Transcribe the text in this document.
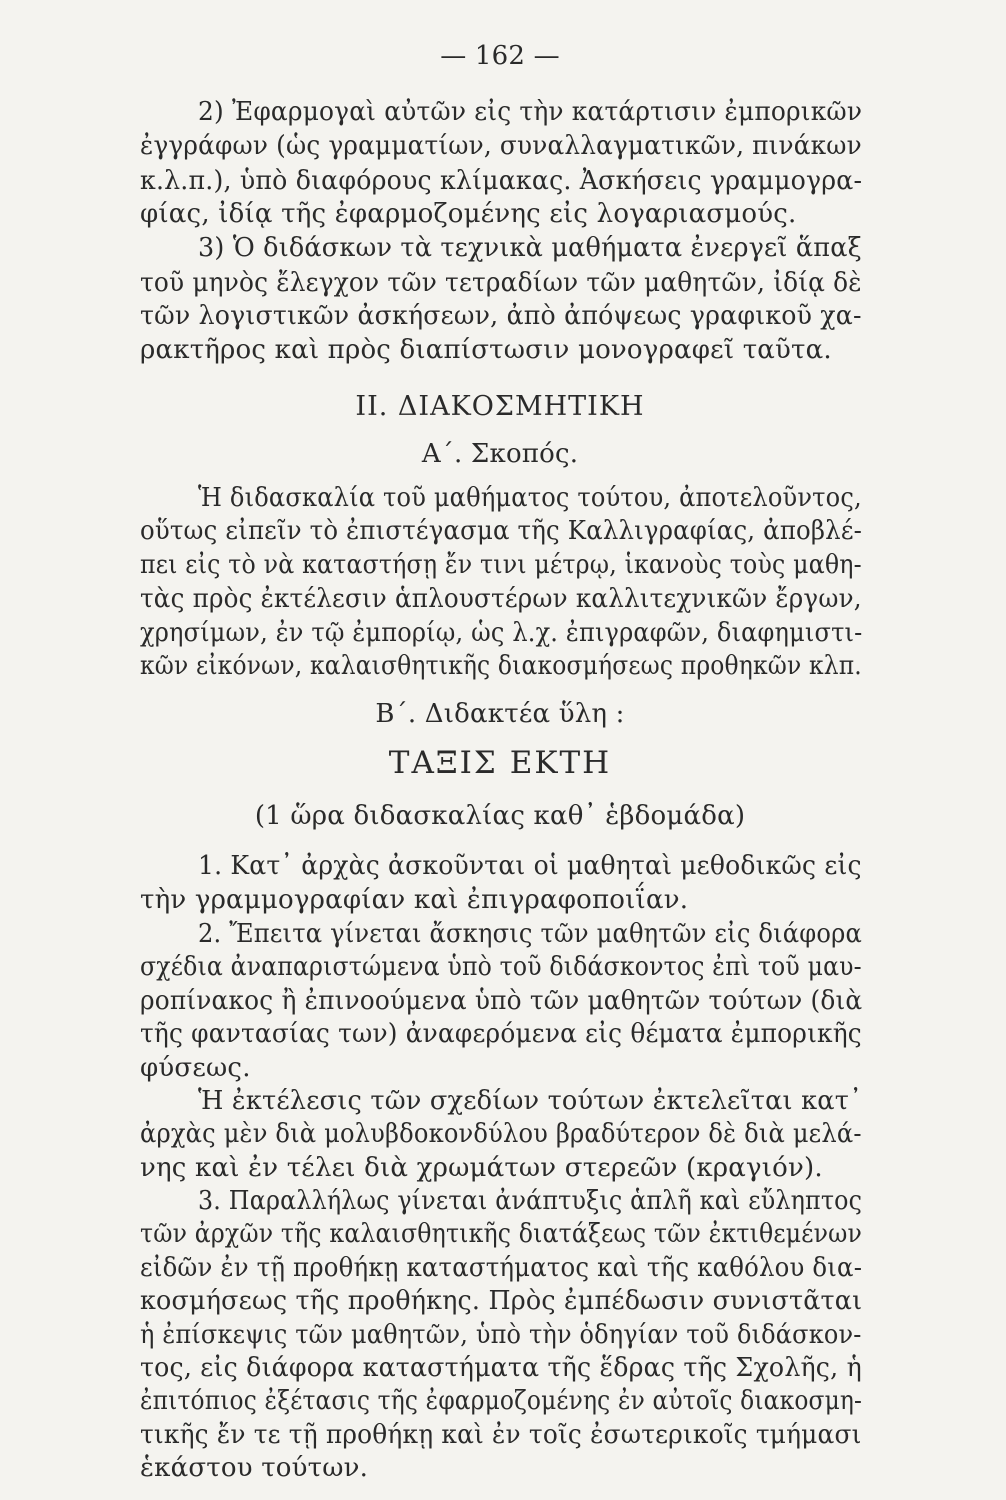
— 162 —
2) Ἐφαρμογαὶ αὐτῶν εἰς τὴν κατάρτισιν ἐμπορικῶν
ἐγγράφων (ὡς γραμματίων, συναλλαγματικῶν, πινάκων
κ.λ.π.), ὑπὸ διαφόρους κλίμακας. Ἀσκήσεις γραμμογρα-
φίας, ἰδίᾳ τῆς ἐφαρμοζομένης εἰς λογαριασμούς.
3) Ὁ διδάσκων τὰ τεχνικὰ μαθήματα ἐνεργεῖ ἅπαξ
τοῦ μηνὸς ἔλεγχον τῶν τετραδίων τῶν μαθητῶν, ἰδίᾳ δὲ
τῶν λογιστικῶν ἀσκήσεων, ἀπὸ ἀπόψεως γραφικοῦ χα-
ρακτῆρος καὶ πρὸς διαπίστωσιν μονογραφεῖ ταῦτα.
II. ΔΙΑΚΟΣΜΗΤΙΚΗ
Α΄. Σκοπός.
Ἡ διδασκαλία τοῦ μαθήματος τούτου, ἀποτελοῦντος,
οὕτως εἰπεῖν τὸ ἐπιστέγασμα τῆς Καλλιγραφίας, ἀποβλέ-
πει εἰς τὸ νὰ καταστήσῃ ἔν τινι μέτρῳ, ἱκανοὺς τοὺς μαθη-
τὰς πρὸς ἐκτέλεσιν ἁπλουστέρων καλλιτεχνικῶν ἔργων,
χρησίμων, ἐν τῷ ἐμπορίῳ, ὡς λ.χ. ἐπιγραφῶν, διαφημιστι-
κῶν εἰκόνων, καλαισθητικῆς διακοσμήσεως προθηκῶν κλπ.
Β΄. Διδακτέα ὕλη :
ΤΑΞΙΣ ΕΚΤΗ
(1 ὥρα διδασκαλίας καθ᾿ ἑβδομάδα)
1. Κατ᾿ ἀρχὰς ἀσκοῦνται οἱ μαθηταὶ μεθοδικῶς εἰς
τὴν γραμμογραφίαν καὶ ἐπιγραφοποιΐαν.
2. Ἔπειτα γίνεται ἄσκησις τῶν μαθητῶν εἰς διάφορα
σχέδια ἀναπαριστώμενα ὑπὸ τοῦ διδάσκοντος ἐπὶ τοῦ μαυ-
ροπίνακος ἢ ἐπινοούμενα ὑπὸ τῶν μαθητῶν τούτων (διὰ
τῆς φαντασίας των) ἀναφερόμενα εἰς θέματα ἐμπορικῆς
φύσεως.
Ἡ ἐκτέλεσις τῶν σχεδίων τούτων ἐκτελεῖται κατ᾿
ἀρχὰς μὲν διὰ μολυβδοκονδύλου βραδύτερον δὲ διὰ μελά-
νης καὶ ἐν τέλει διὰ χρωμάτων στερεῶν (κραγιόν).
3. Παραλλήλως γίνεται ἀνάπτυξις ἁπλῆ καὶ εὔληπτος
τῶν ἀρχῶν τῆς καλαισθητικῆς διατάξεως τῶν ἐκτιθεμένων
εἰδῶν ἐν τῇ προθήκῃ καταστήματος καὶ τῆς καθόλου δια-
κοσμήσεως τῆς προθήκης. Πρὸς ἐμπέδωσιν συνιστᾶται
ἡ ἐπίσκεψις τῶν μαθητῶν, ὑπὸ τὴν ὁδηγίαν τοῦ διδάσκον-
τος, εἰς διάφορα καταστήματα τῆς ἕδρας τῆς Σχολῆς, ἡ
ἐπιτόπιος ἐξέτασις τῆς ἐφαρμοζομένης ἐν αὐτοῖς διακοσμη-
τικῆς ἔν τε τῇ προθήκῃ καὶ ἐν τοῖς ἐσωτερικοῖς τμήμασι
ἑκάστου τούτων.
